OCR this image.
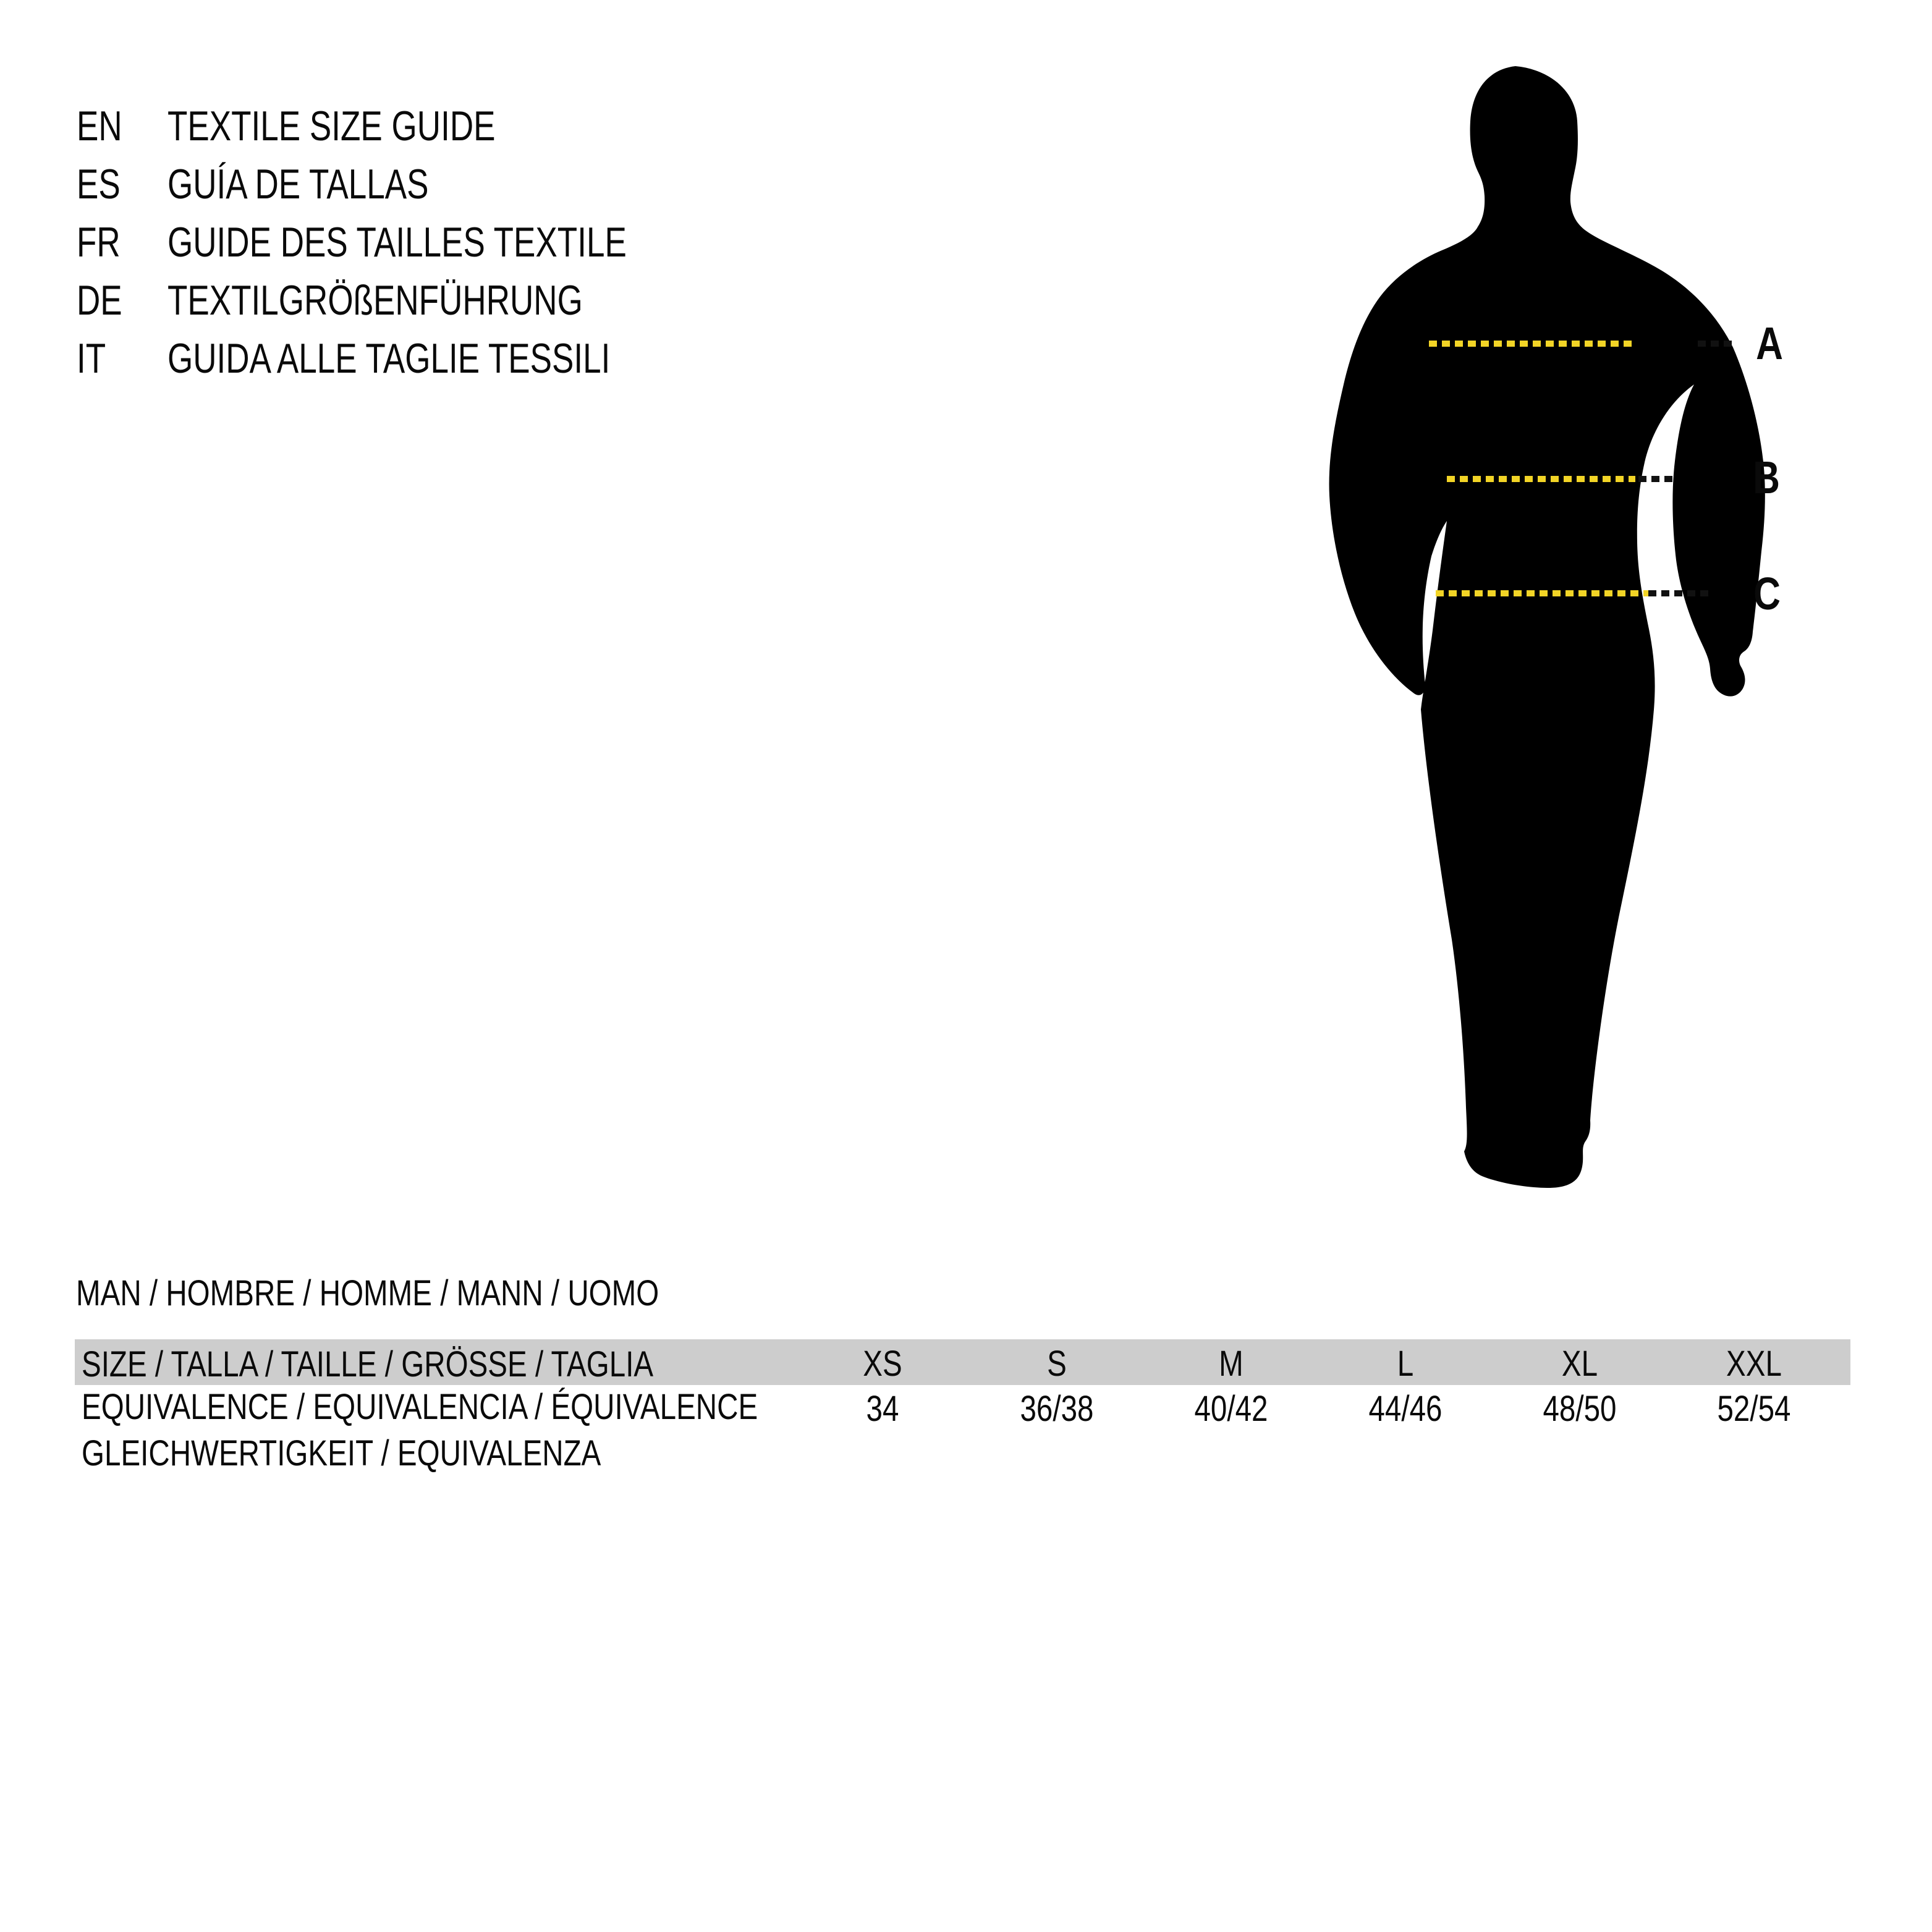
EN TEXTILE SIZE GUIDE
ES GUÍA DE TALLAS
FR GUIDE DES TAILLES TEXTILE
DE TEXTILGRÖßENFÜHRUNG
IT GUIDA ALLE TAGLIE TESSILI	A
B
C
MAN / HOMBRE / HOMME / MANN / UOMO
SIZE / TALLA / TAILLE / GRÖSSE / TAGLIA	XS	S	M	L	XL	XXL
EQUIVALENCE / EQUIVALENCIA / ÉQUIVALENCE
GLEICHWERTIGKEIT / EQUIVALENZA
34	36/38	40/42	44/46	48/50	52/54
